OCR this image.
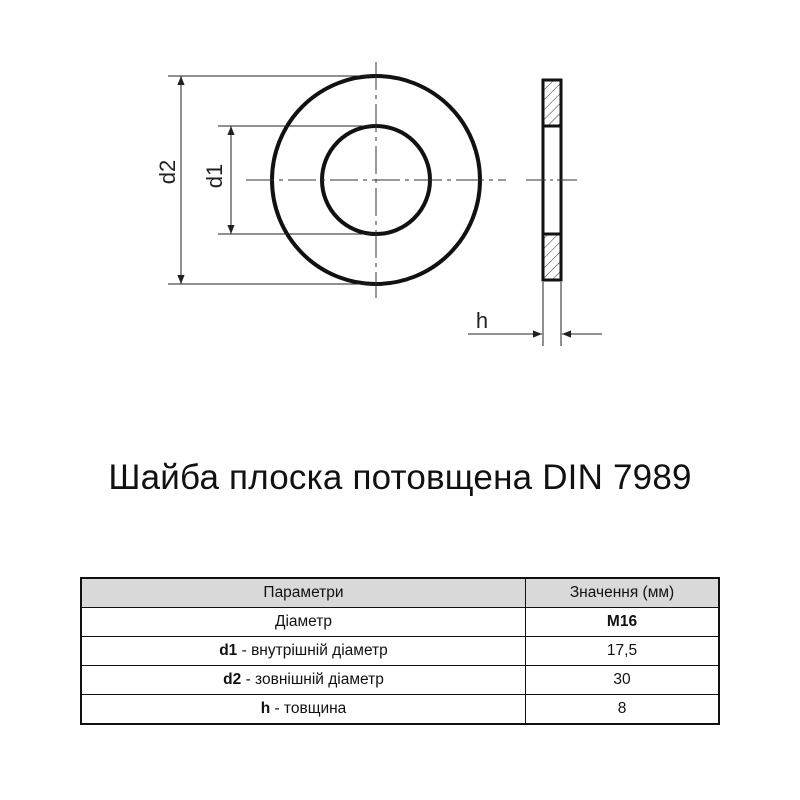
d2 d1
h
Шайба плоска потовщена DIN 7989
Параметри	Значення (мм)
Діаметр	M16
d1 - внутрішній діаметр	17,5
d2 - зовнішній діаметр	30
h - товщина	8
